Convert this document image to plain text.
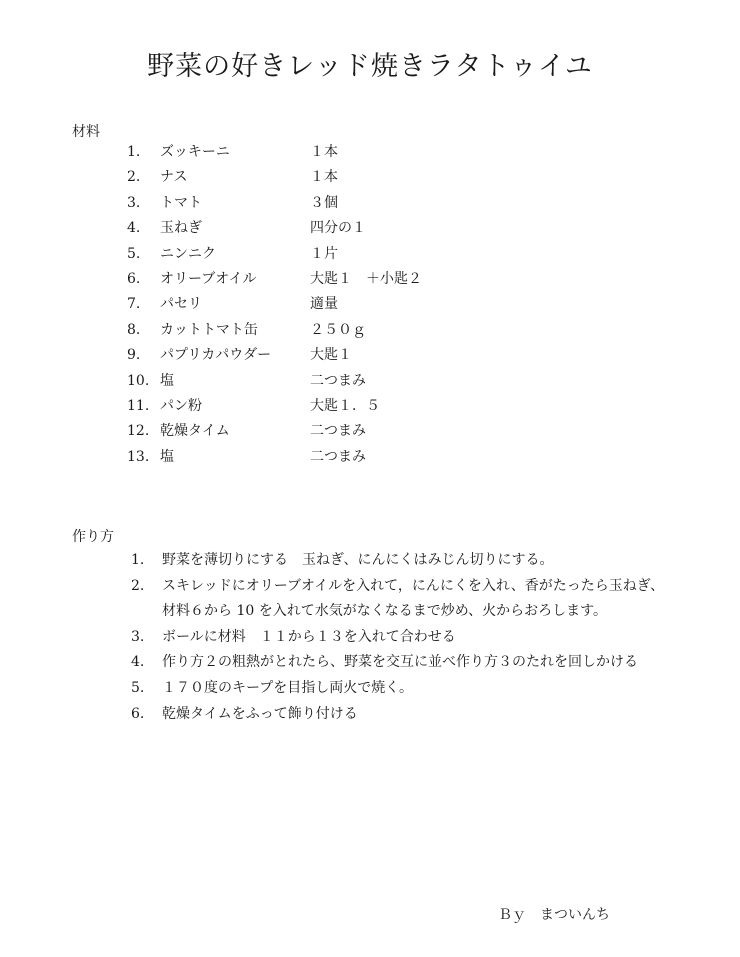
野菜の好きレッド焼きラタトゥイユ
材料
1.	ズッキーニ	１本
2.	ナス	１本
3.	トマト	３個
4.	玉ねぎ	四分の１
5.	ニンニク	１片
6.	オリーブオイル	大匙１　＋小匙２
7.	パセリ	適量
8.	カットトマト缶	２５０ｇ
9.	パプリカパウダー	大匙１
10. 塩	二つまみ
11. パン粉	大匙１．５
12. 乾燥タイム	二つまみ
13. 塩	二つまみ
作り方
1.	野菜を薄切りにする　玉ねぎ、にんにくはみじん切りにする。
2.	スキレッドにオリーブオイルを入れて，にんにくを入れ、香がたったら玉ねぎ、
材料６から 10 を入れて水気がなくなるまで炒め、火からおろします。
3.	ボールに材料　１１から１３を入れて合わせる
4.	作り方２の粗熱がとれたら、野菜を交互に並べ作り方３のたれを回しかける
5.	１７０度のキープを目指し両火で焼く。
6.	乾燥タイムをふって飾り付ける
Ｂｙ　まついんち
